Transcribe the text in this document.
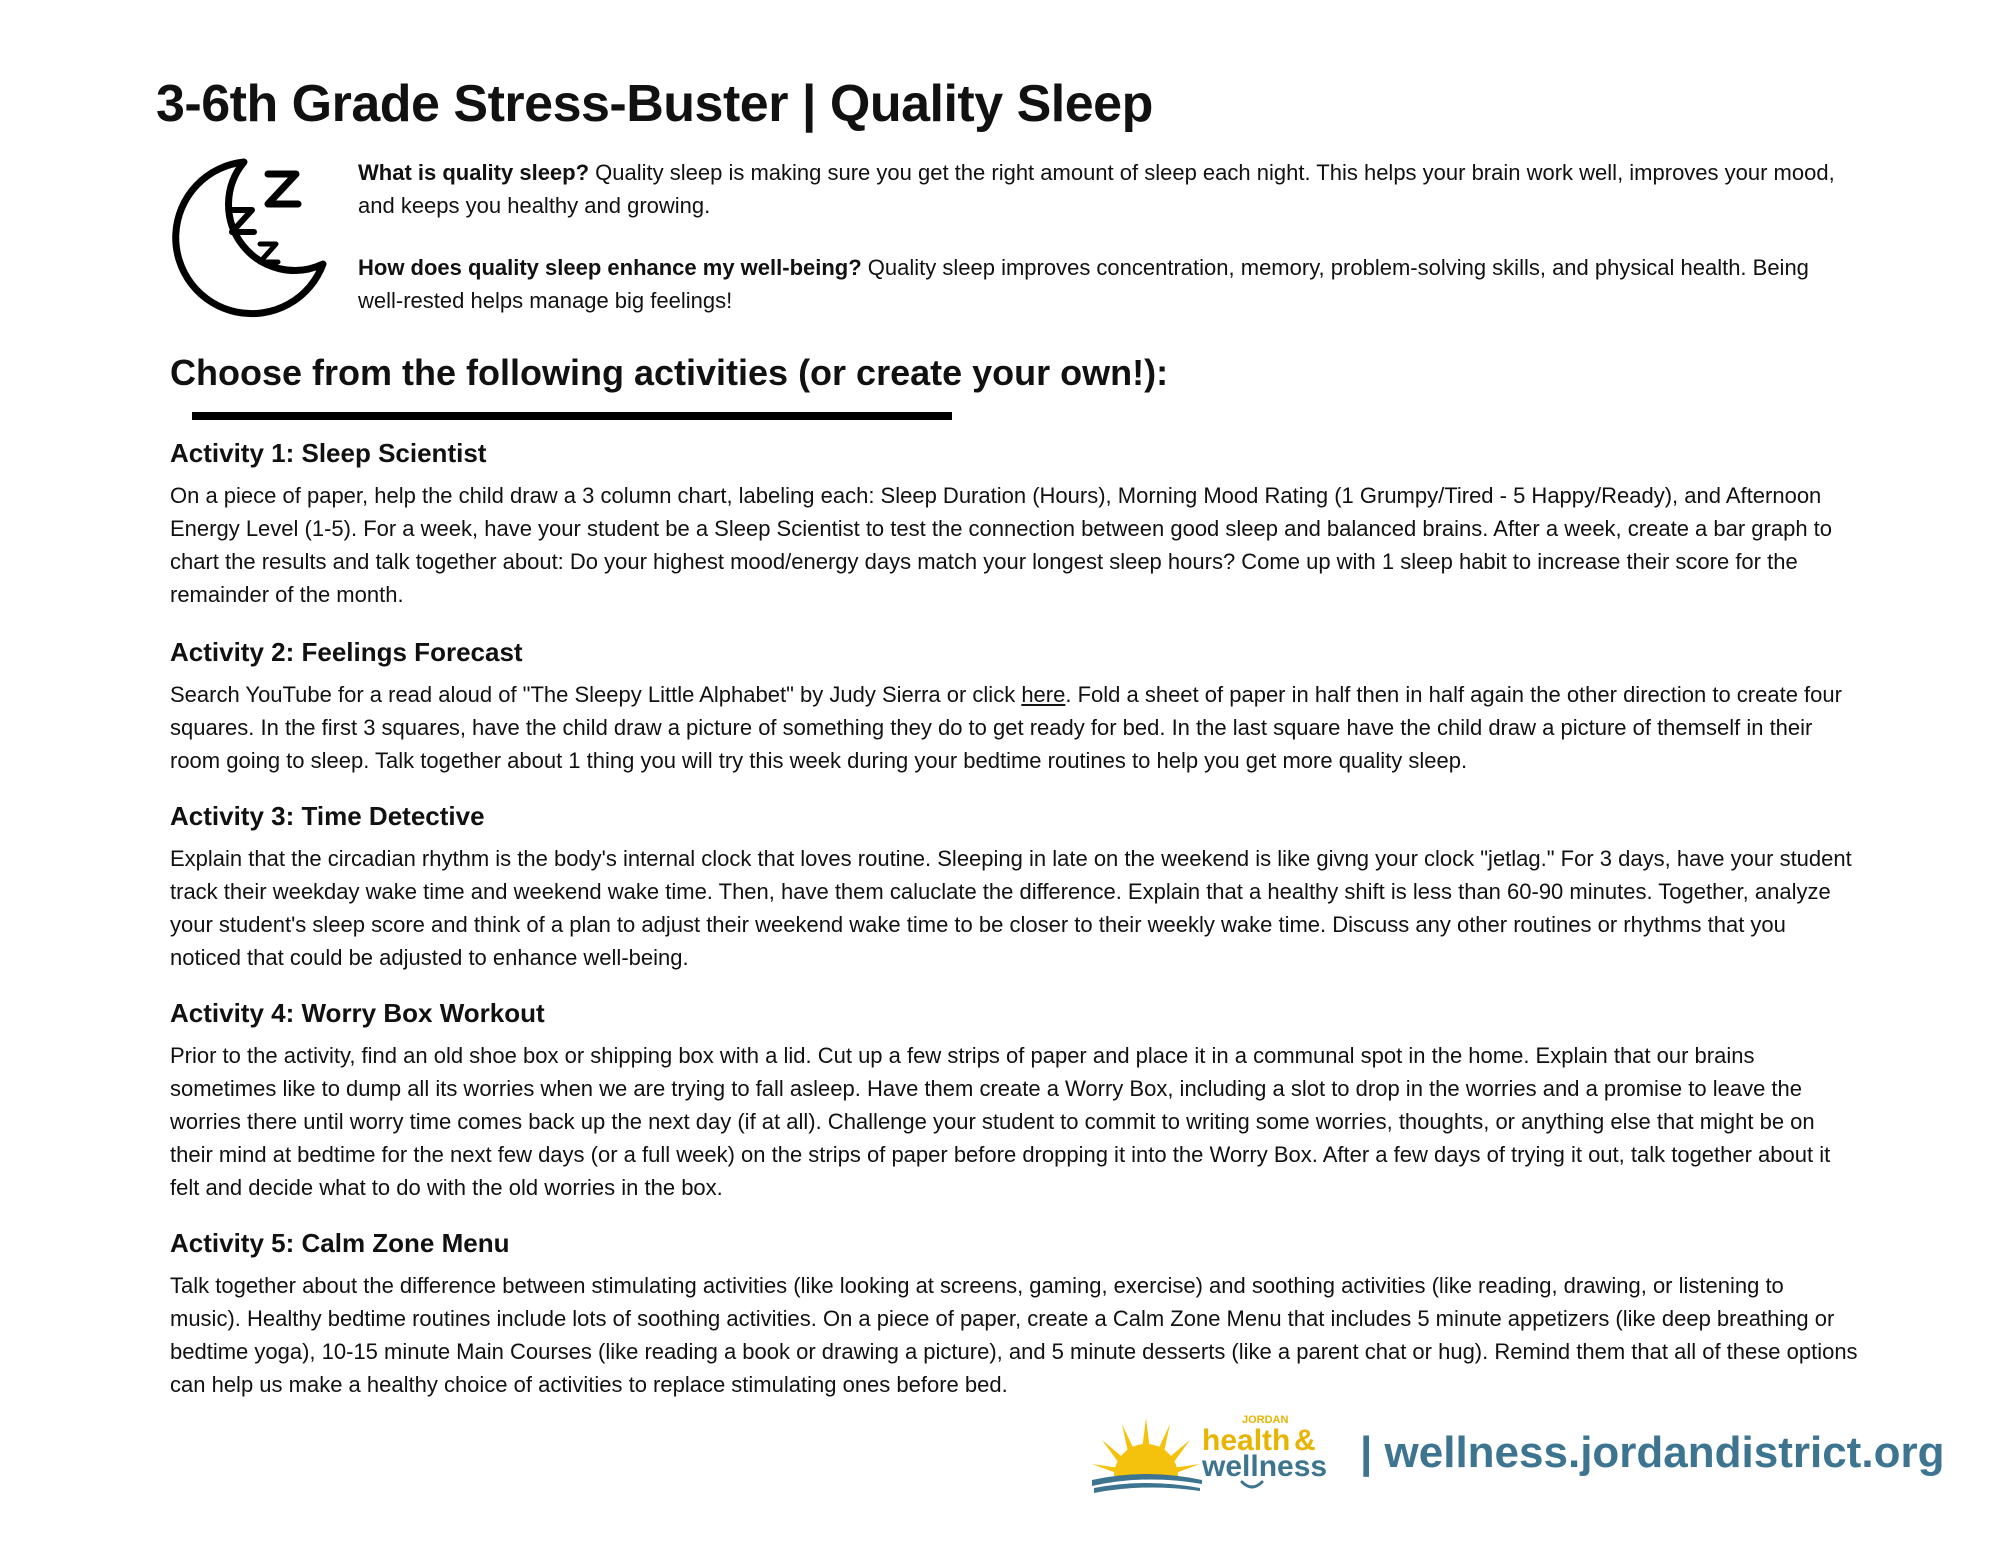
3-6th Grade Stress-Buster | Quality Sleep

What is quality sleep? Quality sleep is making sure you get the right amount of sleep each night. This helps your brain work well, improves your mood, and keeps you healthy and growing.

How does quality sleep enhance my well-being? Quality sleep improves concentration, memory, problem-solving skills, and physical health. Being well-rested helps manage big feelings!

Choose from the following activities (or create your own!):
Activity 1: Sleep Scientist

On a piece of paper, help the child draw a 3 column chart, labeling each: Sleep Duration (Hours), Morning Mood Rating (1 Grumpy/Tired - 5 Happy/Ready), and Afternoon Energy Level (1-5). For a week, have your student be a Sleep Scientist to test the connection between good sleep and balanced brains. After a week, create a bar graph to chart the results and talk together about: Do your highest mood/energy days match your longest sleep hours? Come up with 1 sleep habit to increase their score for the remainder of the month.

Activity 2: Feelings Forecast

Search YouTube for a read aloud of "The Sleepy Little Alphabet" by Judy Sierra or click here. Fold a sheet of paper in half then in half again the other direction to create four squares. In the first 3 squares, have the child draw a picture of something they do to get ready for bed. In the last square have the child draw a picture of themself in their room going to sleep. Talk together about 1 thing you will try this week during your bedtime routines to help you get more quality sleep.

Activity 3: Time Detective

Explain that the circadian rhythm is the body's internal clock that loves routine. Sleeping in late on the weekend is like givng your clock "jetlag." For 3 days, have your student track their weekday wake time and weekend wake time. Then, have them caluclate the difference. Explain that a healthy shift is less than 60-90 minutes. Together, analyze your student's sleep score and think of a plan to adjust their weekend wake time to be closer to their weekly wake time. Discuss any other routines or rhythms that you noticed that could be adjusted to enhance well-being.

Activity 4: Worry Box Workout

Prior to the activity, find an old shoe box or shipping box with a lid. Cut up a few strips of paper and place it in a communal spot in the home. Explain that our brains sometimes like to dump all its worries when we are trying to fall asleep. Have them create a Worry Box, including a slot to drop in the worries and a promise to leave the worries there until worry time comes back up the next day (if at all). Challenge your student to commit to writing some worries, thoughts, or anything else that might be on their mind at bedtime for the next few days (or a full week) on the strips of paper before dropping it into the Worry Box. After a few days of trying it out, talk together about it felt and decide what to do with the old worries in the box.

Activity 5: Calm Zone Menu

Talk together about the difference between stimulating activities (like looking at screens, gaming, exercise) and soothing activities (like reading, drawing, or listening to music). Healthy bedtime routines include lots of soothing activities. On a piece of paper, create a Calm Zone Menu that includes 5 minute appetizers (like deep breathing or bedtime yoga), 10-15 minute Main Courses (like reading a book or drawing a picture), and 5 minute desserts (like a parent chat or hug). Remind them that all of these options can help us make a healthy choice of activities to replace stimulating ones before bed.

JORDAN
health &
wellness | wellness.jordandistrict.org
